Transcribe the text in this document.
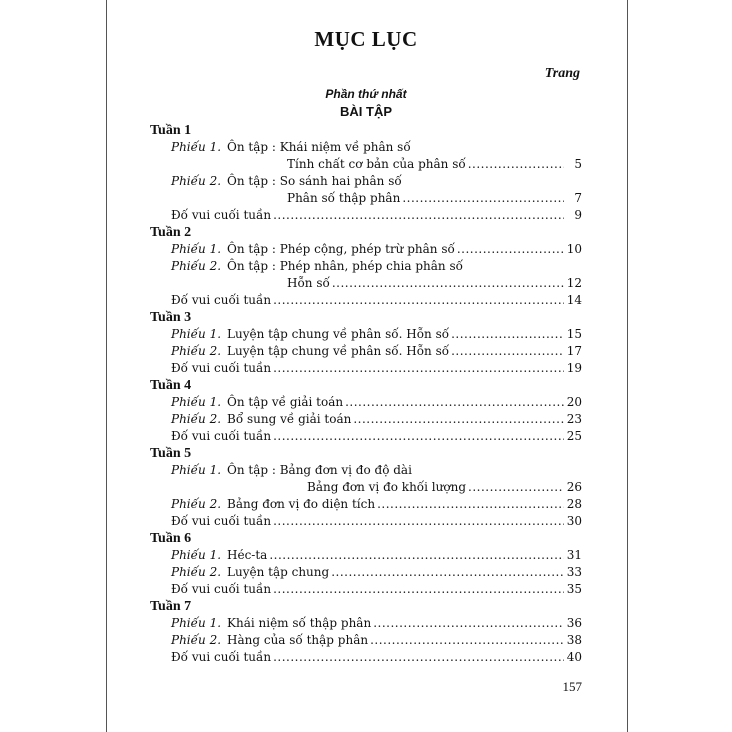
MỤC LỤC
Trang
Phần thứ nhất
BÀI TẬP
Tuần 1
Phiếu 1. Ôn tập : Khái niệm về phân số
Tính chất cơ bản của phân số .....	5
Phiếu 2. Ôn tập : So sánh hai phân số
Phân số thập phân .....	7
Đố vui cuối tuần .....	9
Tuần 2
Phiếu 1. Ôn tập : Phép cộng, phép trừ phân số .....	10
Phiếu 2. Ôn tập : Phép nhân, phép chia phân số
Hỗn số .....	12
Đố vui cuối tuần .....	14
Tuần 3
Phiếu 1. Luyện tập chung về phân số. Hỗn số .....	15
Phiếu 2. Luyện tập chung về phân số. Hỗn số .....	17
Đố vui cuối tuần .....	19
Tuần 4
Phiếu 1. Ôn tập về giải toán .....	20
Phiếu 2. Bổ sung về giải toán .....	23
Đố vui cuối tuần .....	25
Tuần 5
Phiếu 1. Ôn tập : Bảng đơn vị đo độ dài
Bảng đơn vị đo khối lượng .....	26
Phiếu 2. Bảng đơn vị đo diện tích .....	28
Đố vui cuối tuần .....	30
Tuần 6
Phiếu 1. Héc-ta .....	31
Phiếu 2. Luyện tập chung .....	33
Đố vui cuối tuần .....	35
Tuần 7
Phiếu 1. Khái niệm số thập phân .....	36
Phiếu 2. Hàng của số thập phân .....	38
Đố vui cuối tuần .....	40
157
